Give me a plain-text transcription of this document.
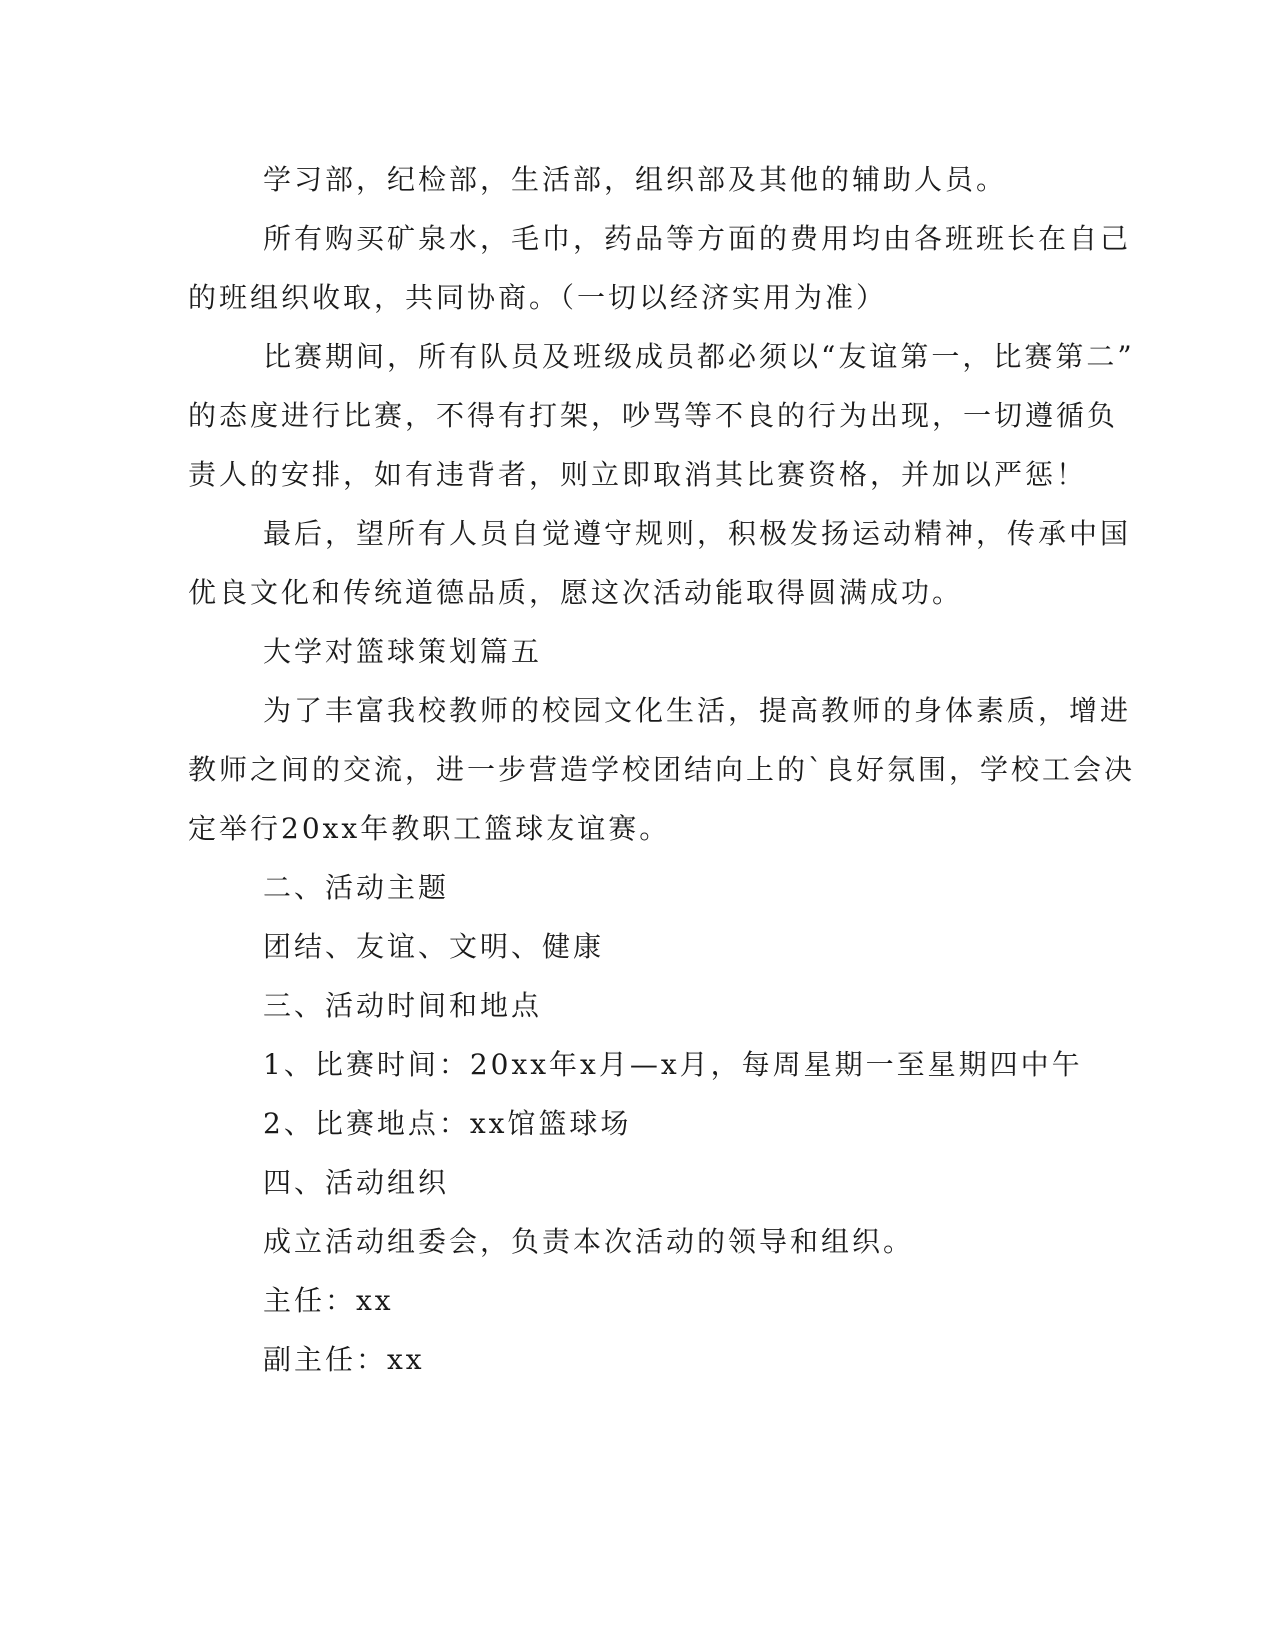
学习部，纪检部，生活部，组织部及其他的辅助人员。
所有购买矿泉水，毛巾，药品等方面的费用均由各班班长在自己
的班组织收取，共同协商。（一切以经济实用为准）
比赛期间，所有队员及班级成员都必须以“友谊第一，比赛第二”
的态度进行比赛，不得有打架，吵骂等不良的行为出现，一切遵循负
责人的安排，如有违背者，则立即取消其比赛资格，并加以严惩！
最后，望所有人员自觉遵守规则，积极发扬运动精神，传承中国
优良文化和传统道德品质，愿这次活动能取得圆满成功。
大学对篮球策划篇五
为了丰富我校教师的校园文化生活，提高教师的身体素质，增进
教师之间的交流，进一步营造学校团结向上的`良好氛围，学校工会决
定举行20xx年教职工篮球友谊赛。
二、活动主题
团结、友谊、文明、健康
三、活动时间和地点
1、比赛时间：20xx年x月—x月，每周星期一至星期四中午
2、比赛地点：xx馆篮球场
四、活动组织
成立活动组委会，负责本次活动的领导和组织。
主任：xx
副主任：xx
